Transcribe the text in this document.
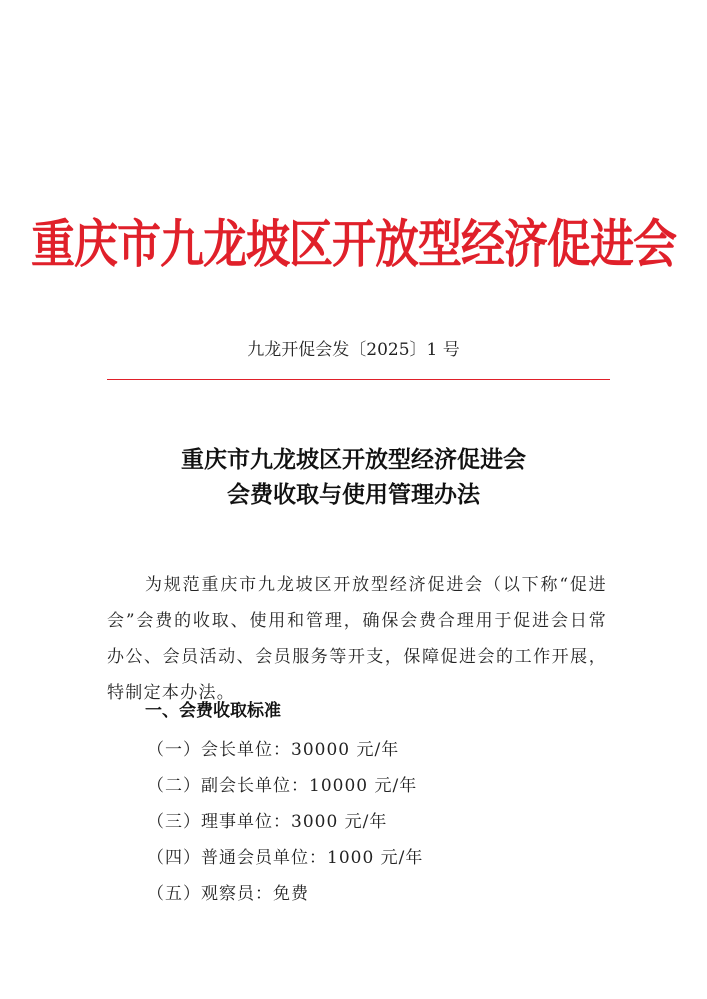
重庆市九龙坡区开放型经济促进会
九龙开促会发〔2025〕1 号
重庆市九龙坡区开放型经济促进会
会费收取与使用管理办法

为规范重庆市九龙坡区开放型经济促进会（以下称“促进会”会费的收取、使用和管理，确保会费合理用于促进会日常办公、会员活动、会员服务等开支，保障促进会的工作开展，特制定本办法。

一、会费收取标准
（一）会长单位：30000 元/年
（二）副会长单位：10000 元/年
（三）理事单位：3000 元/年
（四）普通会员单位：1000 元/年
（五）观察员：免费
